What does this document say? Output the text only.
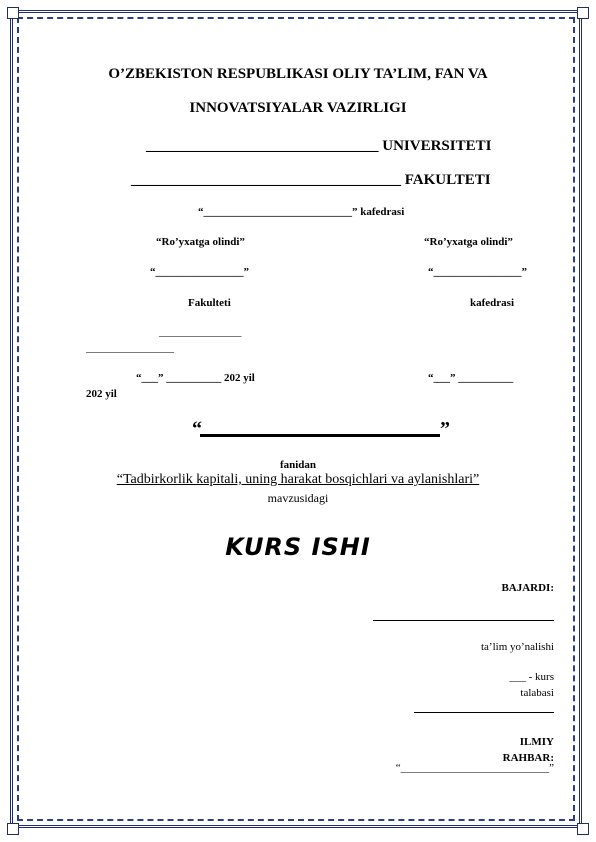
O’ZBEKISTON RESPUBLIKASI OLIY TA’LIM, FAN VA
INNOVATSIYALAR VAZIRLIGI
_______________________________ UNIVERSITETI
____________________________________ FAKULTETI
“___________________________” kafedrasi
“Ro’yxatga olindi”	“Ro’yxatga olindi”
“________________”	“________________”
Fakulteti	kafedrasi
_______________
________________
“___” __________ 202 yil	“___” __________
202 yil
“	”
fanidan
“Tadbirkorlik kapitali, uning harakat bosqichlari va aylanishlari”
mavzusidagi
KURS ISHI
BAJARDI:
ta’lim yo’nalishi
___ - kurs
talabasi
ILMIY
RAHBAR:
“___________________________”
